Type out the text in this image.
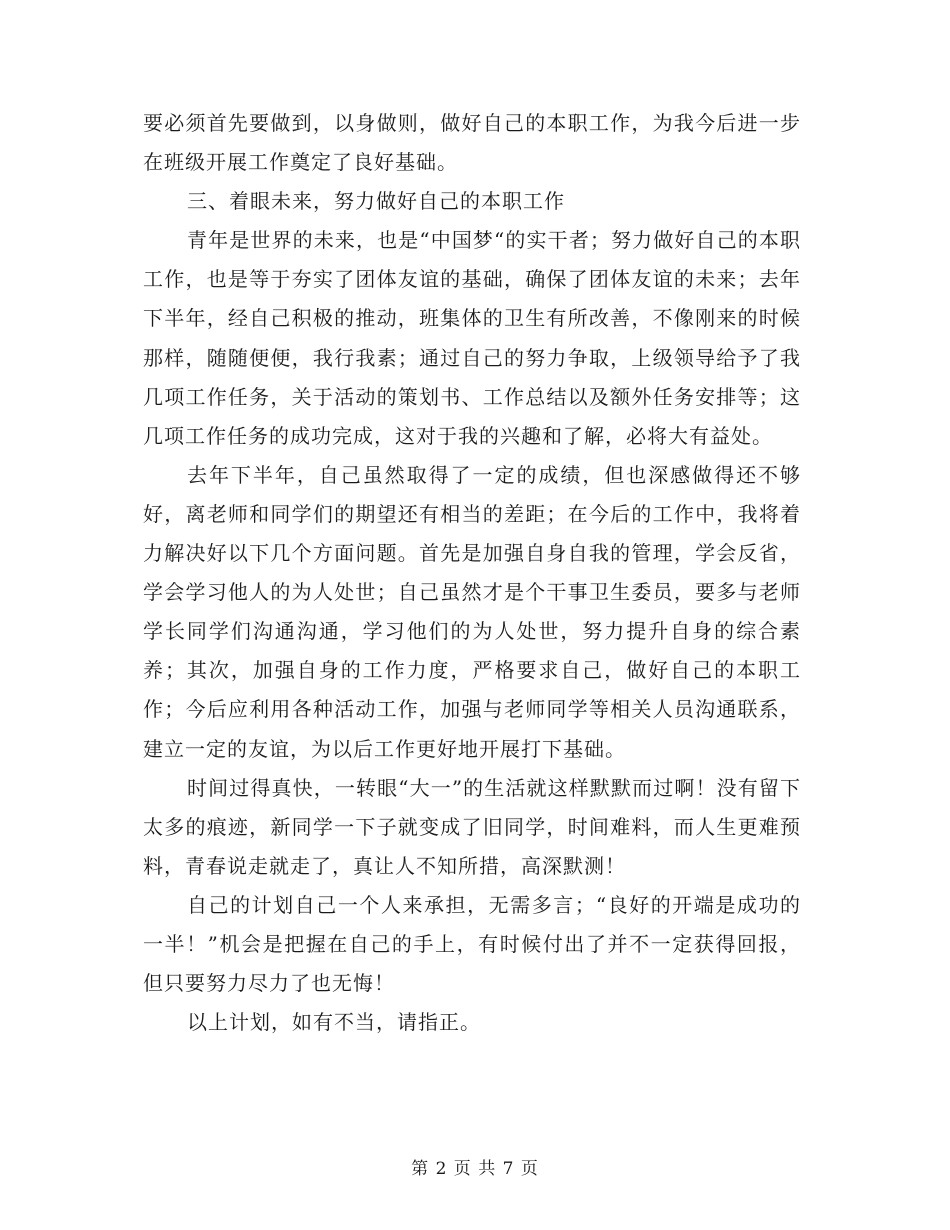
要必须首先要做到，以身做则，做好自己的本职工作，为我今后进一步在班级开展工作奠定了良好基础。

三、着眼未来，努力做好自己的本职工作

青年是世界的未来，也是“中国梦“的实干者；努力做好自己的本职工作，也是等于夯实了团体友谊的基础，确保了团体友谊的未来；去年下半年，经自己积极的推动，班集体的卫生有所改善，不像刚来的时候那样，随随便便，我行我素；通过自己的努力争取，上级领导给予了我几项工作任务，关于活动的策划书、工作总结以及额外任务安排等；这几项工作任务的成功完成，这对于我的兴趣和了解，必将大有益处。

去年下半年，自己虽然取得了一定的成绩，但也深感做得还不够好，离老师和同学们的期望还有相当的差距；在今后的工作中，我将着力解决好以下几个方面问题。首先是加强自身自我的管理，学会反省，学会学习他人的为人处世；自己虽然才是个干事卫生委员，要多与老师学长同学们沟通沟通，学习他们的为人处世，努力提升自身的综合素养；其次，加强自身的工作力度，严格要求自己，做好自己的本职工作；今后应利用各种活动工作，加强与老师同学等相关人员沟通联系，建立一定的友谊，为以后工作更好地开展打下基础。

时间过得真快，一转眼“大一”的生活就这样默默而过啊！没有留下太多的痕迹，新同学一下子就变成了旧同学，时间难料，而人生更难预料，青春说走就走了，真让人不知所措，高深默测！

自己的计划自己一个人来承担，无需多言；“良好的开端是成功的一半！”机会是把握在自己的手上，有时候付出了并不一定获得回报，但只要努力尽力了也无悔！

以上计划，如有不当，请指正。

第 2 页 共 7 页
